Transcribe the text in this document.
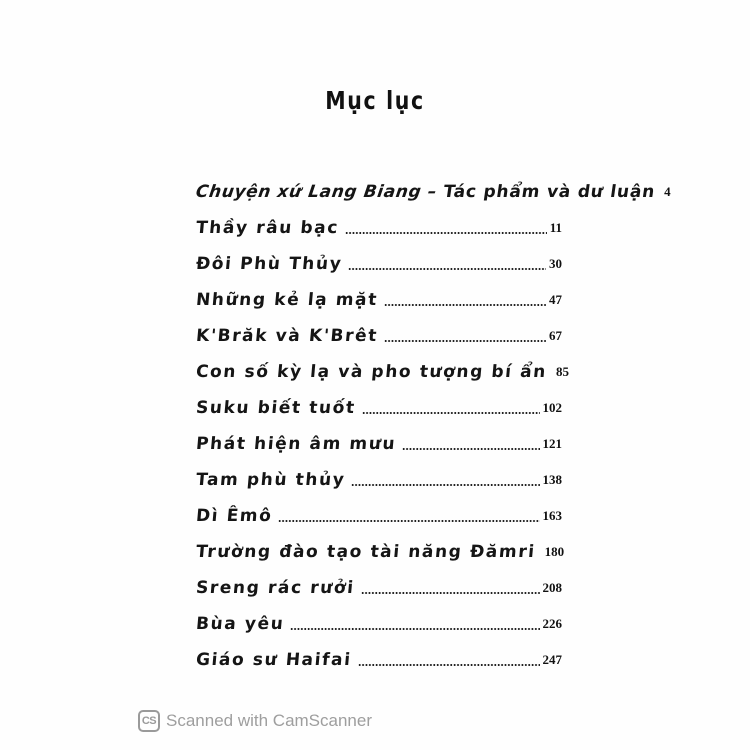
Mục lục
Chuyện xứ Lang Biang – Tác phẩm và dư luận 4
Thầy râu bạc	11
Đôi Phù Thủy	30
Những kẻ lạ mặt	47
K'Brăk và K'Brêt	67
Con số kỳ lạ và pho tượng bí ẩn 85
Suku biết tuốt	102
Phát hiện âm mưu	121
Tam phù thủy	138
Dì Êmô	163
Trường đào tạo tài năng Đămri 180
Sreng rác rưởi	208
Bùa yêu	226
Giáo sư Haifai	247
CS Scanned with CamScanner
